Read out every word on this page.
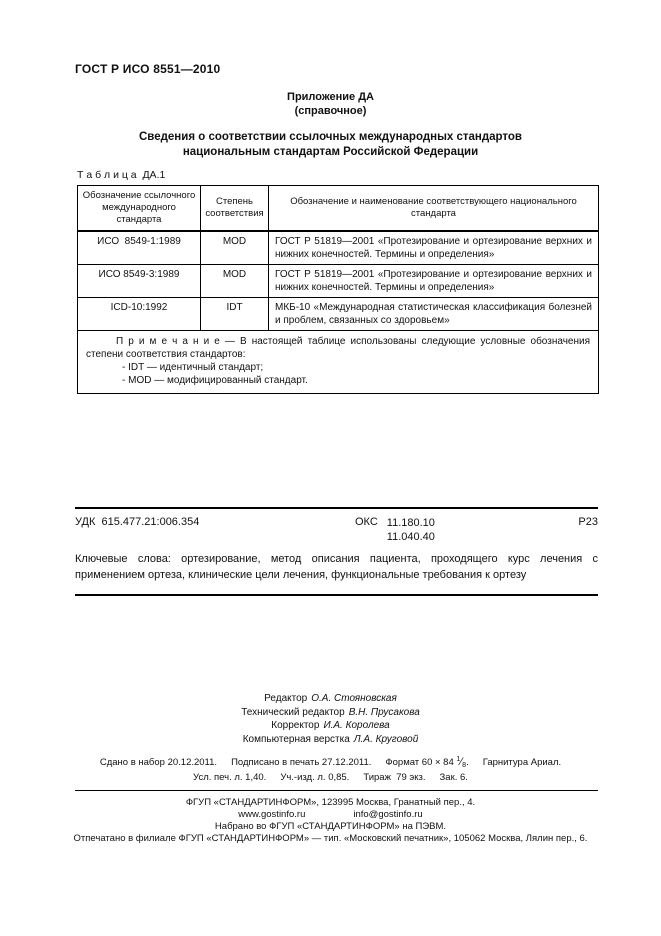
ГОСТ Р ИСО 8551—2010
Приложение ДА
(справочное)
Сведения о соответствии ссылочных международных стандартов
национальным стандартам Российской Федерации
Т а б л и ц а  ДА.1
Обозначение ссылочного международного стандарта	Степень соответствия	Обозначение и наименование соответствующего национального стандарта
ИСО  8549-1:1989	MOD	ГОСТ Р 51819—2001 «Протезирование и ортезирование верхних и нижних конечностей. Термины и определения»
ИСО 8549-3:1989	MOD	ГОСТ Р 51819—2001 «Протезирование и ортезирование верхних и нижних конечностей. Термины и определения»
ICD-10:1992	IDT	МКБ-10 «Международная статистическая классификация болезней и проблем, связанных со здоровьем»

П р и м е ч а н и е — В настоящей таблице использованы следующие условные обозначения степени соответствия стандартов:

- IDT — идентичный стандарт;
- MOD — модифицированный стандарт.		
УДК  615.477.21:006.354	ОКС 11.180.10
11.040.40
Р23
Ключевые слова: ортезирование, метод описания пациента, проходящего курс лечения с применением ортеза, клинические цели лечения, функциональные требования к ортезу
Редактор О.А. Стояновская
Технический редактор В.Н. Прусакова
Корректор И.А. Королева
Компьютерная верстка Л.А. Круговой
Сдано в набор 20.12.2011. Подписано в печать 27.12.2011. Формат 60 × 84 $^1⁄_8$. Гарнитура Ариал.
Усл. печ. л. 1,40. Уч.-изд. л. 0,85. Тираж  79 экз. Зак. 6.
ФГУП «СТАНДАРТИНФОРМ», 123995 Москва, Гранатный пер., 4.
www.gostinfo.ru	info@gostinfo.ru
Набрано во ФГУП «СТАНДАРТИНФОРМ» на ПЭВМ.
Отпечатано в филиале ФГУП «СТАНДАРТИНФОРМ» — тип. «Московский печатник», 105062 Москва, Лялин пер., 6.
